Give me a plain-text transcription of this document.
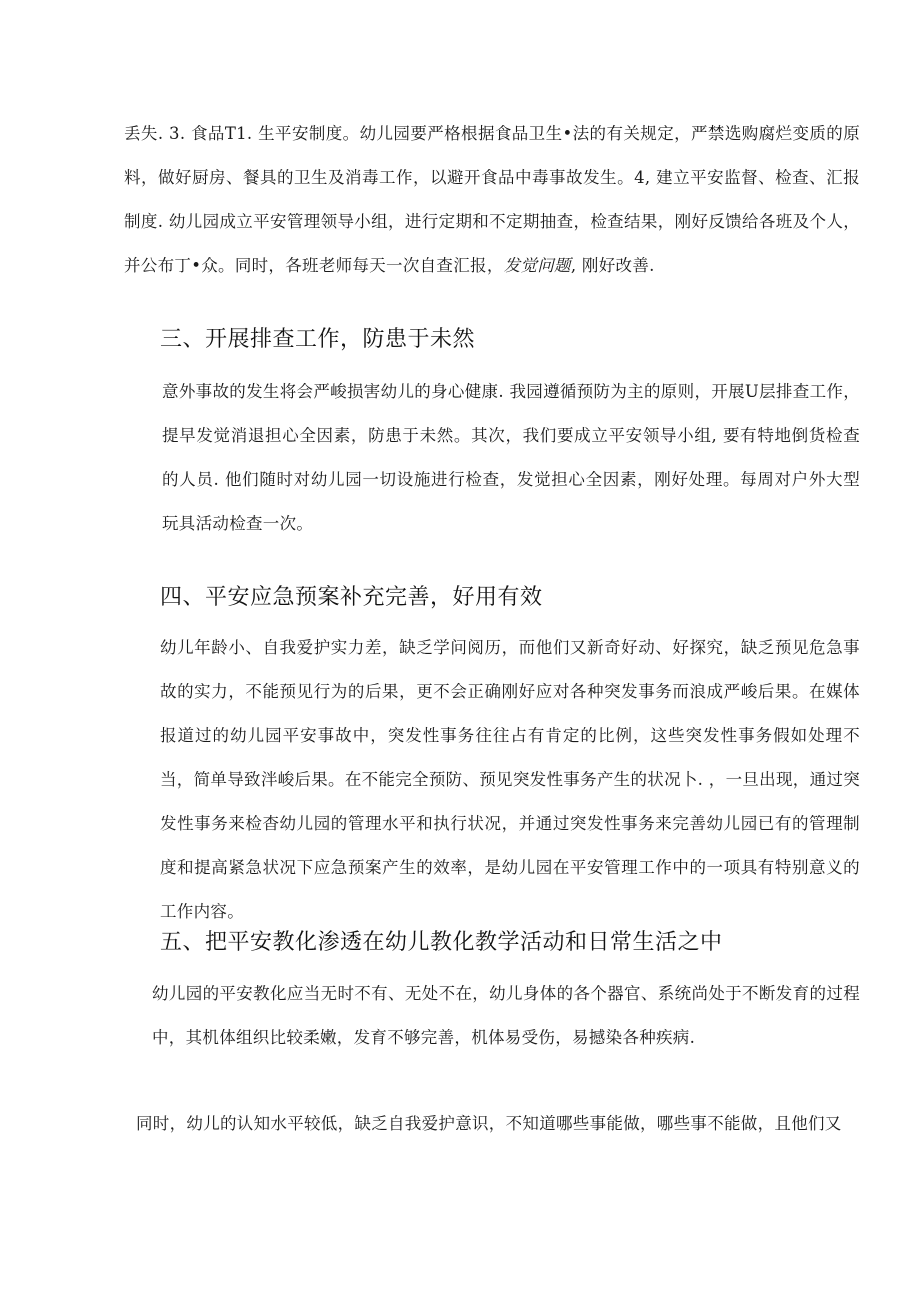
丢失. 3. 食品T1. 生平安制度。幼儿园要严格根据食品卫生•法的有关规定，严禁选购腐烂变质的原料，做好厨房、餐具的卫生及消毒工作，以避开食品中毒事故发生。4, 建立平安监督、检查、汇报制度. 幼儿园成立平安管理领导小组，进行定期和不定期抽查，检查结果，刚好反馈给各班及个人，并公布丁•众。同时，各班老师每天一次自查汇报，发觉问题, 刚好改善.

三、开展排查工作，防患于未然

意外事故的发生将会严峻损害幼儿的身心健康. 我园遵循预防为主的原则，开展U层排查工作，提早发觉消退担心全因素，防患于未然。其次，我们要成立平安领导小组, 要有特地倒货检查的人员. 他们随时对幼儿园一切设施进行检查，发觉担心全因素，刚好处理。每周对户外大型玩具活动检查一次。

四、平安应急预案补充完善，好用有效

幼儿年龄小、自我爱护实力差，缺乏学问阅历，而他们又新奇好动、好探究，缺乏预见危急事故的实力，不能预见行为的后果，更不会正确刚好应对各种突发事务而浪成严峻后果。在媒体报道过的幼儿园平安事故中，突发性事务往往占有肯定的比例，这些突发性事务假如处理不当，简单导致泮峻后果。在不能完全预防、预见突发性事务产生的状况卜. ，一旦出现，通过突发性事务来检杳幼儿园的管理水平和执行状况，并通过突发性事务来完善幼儿园已有的管理制度和提高紧急状况下应急预案产生的效率，是幼儿园在平安管理工作中的一项具有特别意义的工作内容。

五、把平安教化渗透在幼儿教化教学活动和日常生活之中

幼儿园的平安教化应当无时不有、无处不在，幼儿身体的各个器官、系统尚处于不断发育的过程中，其机体组织比较柔嫩，发育不够完善，机体易受伤，易撼染各种疾病.

同时，幼儿的认知水平较低，缺乏自我爱护意识，不知道哪些事能做，哪些事不能做，且他们又
